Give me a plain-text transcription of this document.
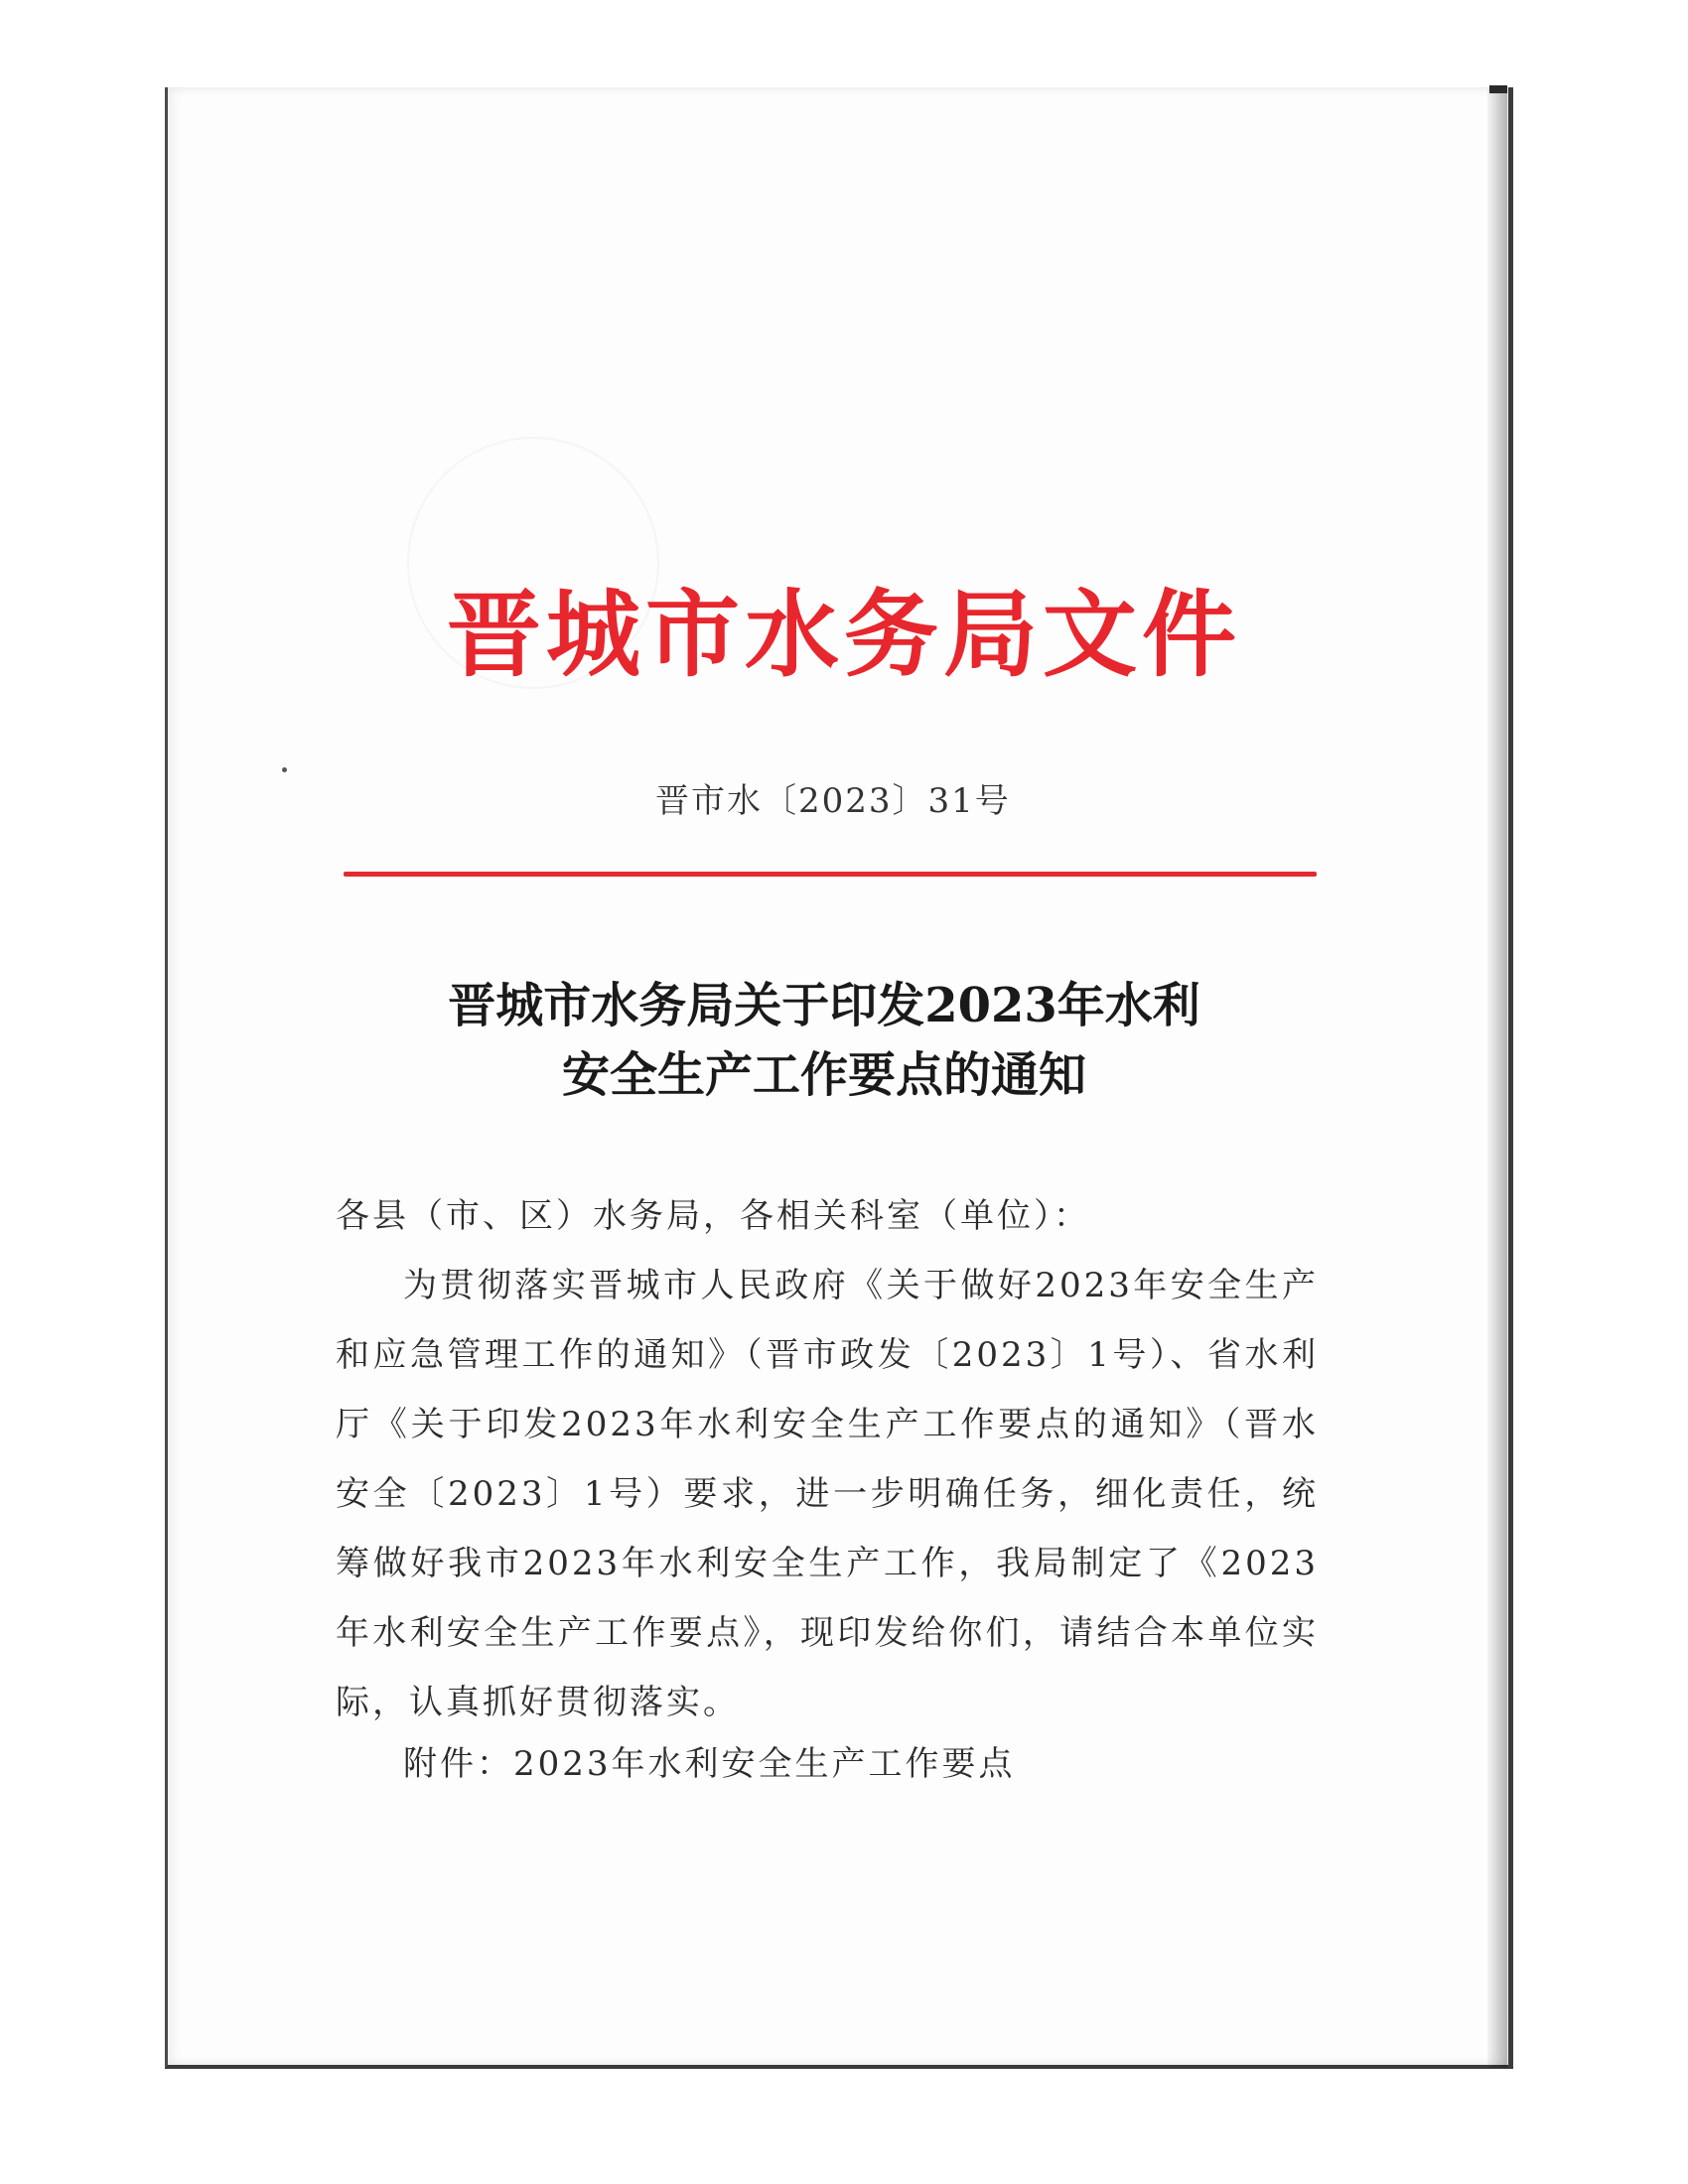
晋城市水务局文件
晋市水〔2023〕31号
晋城市水务局关于印发2023年水利
安全生产工作要点的通知

各县（市、区）水务局，各相关科室（单位）：

为贯彻落实晋城市人民政府《关于做好2023年安全生产和应急管理工作的通知》（晋市政发〔2023〕1号）、省水利厅《关于印发2023年水利安全生产工作要点的通知》（晋水安全〔2023〕1号）要求，进一步明确任务，细化责任，统筹做好我市2023年水利安全生产工作，我局制定了《2023年水利安全生产工作要点》，现印发给你们，请结合本单位实际，认真抓好贯彻落实。

附件：2023年水利安全生产工作要点
